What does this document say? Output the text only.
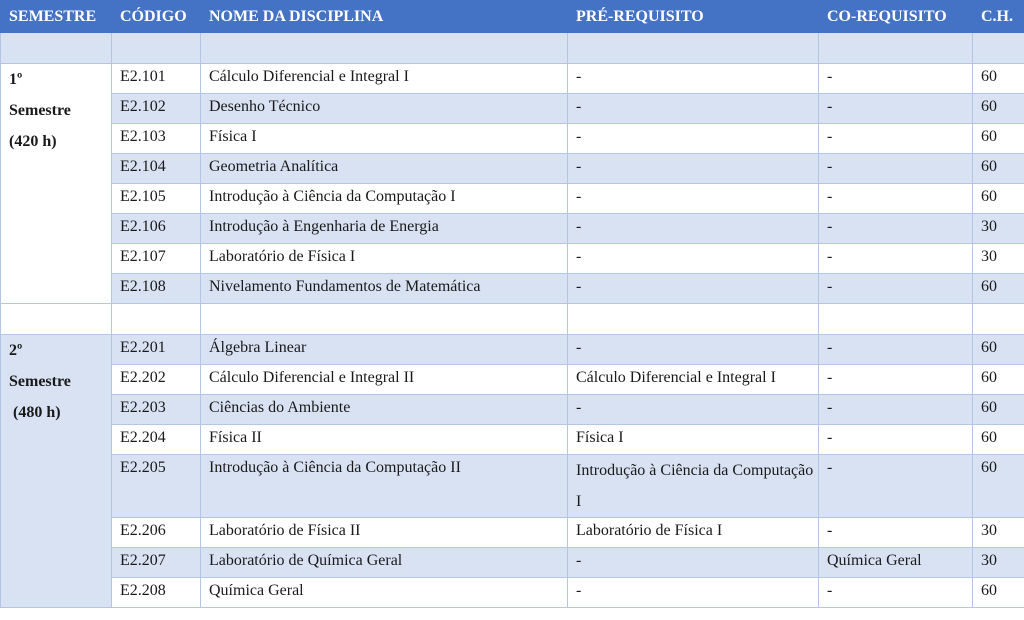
SEMESTRE	CÓDIGO	NOME DA DISCIPLINA	PRÉ-REQUISITO	CO-REQUISITO	C.H.

1º
Semestre
(420 h)	E2.101	Cálculo Diferencial e Integral I	-	-	60
	E2.102	Desenho Técnico	-	-	60
	E2.103	Física I	-	-	60
	E2.104	Geometria Analítica	-	-	60
	E2.105	Introdução à Ciência da Computação I	-	-	60
	E2.106	Introdução à Engenharia de Energia	-	-	30
	E2.107	Laboratório de Física I	-	-	30
	E2.108	Nivelamento Fundamentos de Matemática	-	-	60

2º
Semestre
(480 h)	E2.201	Álgebra Linear	-	-	60
	E2.202	Cálculo Diferencial e Integral II	Cálculo Diferencial e Integral I	-	60
	E2.203	Ciências do Ambiente	-	-	60
	E2.204	Física II	Física I	-	60
	E2.205	Introdução à Ciência da Computação II	Introdução à Ciência da Computação I	-	60
	E2.206	Laboratório de Física II	Laboratório de Física I	-	30
	E2.207	Laboratório de Química Geral	-	Química Geral	30
	E2.208	Química Geral	-	-	60
